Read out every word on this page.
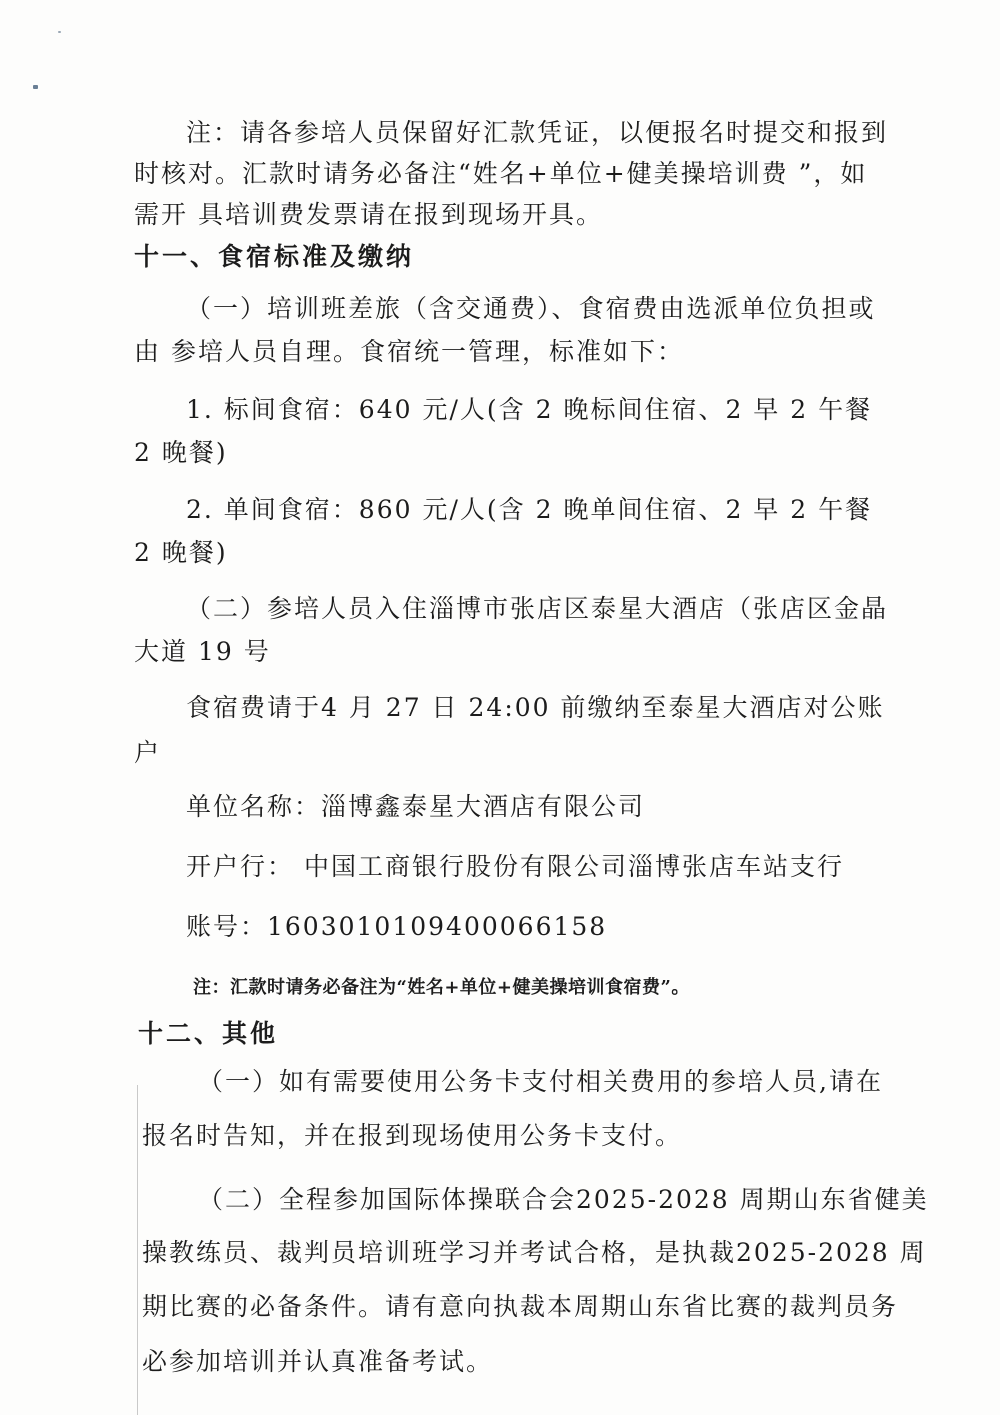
注：请各参培人员保留好汇款凭证，以便报名时提交和报到
时核对。汇款时请务必备注“姓名+单位+健美操培训费 ”，如
需开 具培训费发票请在报到现场开具。
十一、食宿标准及缴纳
（一）培训班差旅（含交通费）、食宿费由选派单位负担或
由 参培人员自理。食宿统一管理，标准如下：
1. 标间食宿：640 元/人(含 2 晚标间住宿、2 早 2 午餐
2 晚餐)
2. 单间食宿：860 元/人(含 2 晚单间住宿、2 早 2 午餐
2 晚餐)
（二）参培人员入住淄博市张店区泰星大酒店（张店区金晶
大道 19 号
食宿费请于4 月 27 日 24:00 前缴纳至泰星大酒店对公账
户
单位名称：淄博鑫泰星大酒店有限公司
开户行： 中国工商银行股份有限公司淄博张店车站支行
账号：16030101094000661​58
注：汇款时请务必备注为“姓名+单位+健美操培训食宿费”。
十二、其他
（一）如有需要使用公务卡支付相关费用的参培人员,请在
报名时告知，并在报到现场使用公务卡支付。
（二）全程参加国际体操联合会2025-2028 周期山东省健美
操教练员、裁判员培训班学习并考试合格，是执裁2025-2028 周
期比赛的必备条件。请有意向执裁本周期山东省比赛的裁判员务
必参加培训并认真准备考试。
